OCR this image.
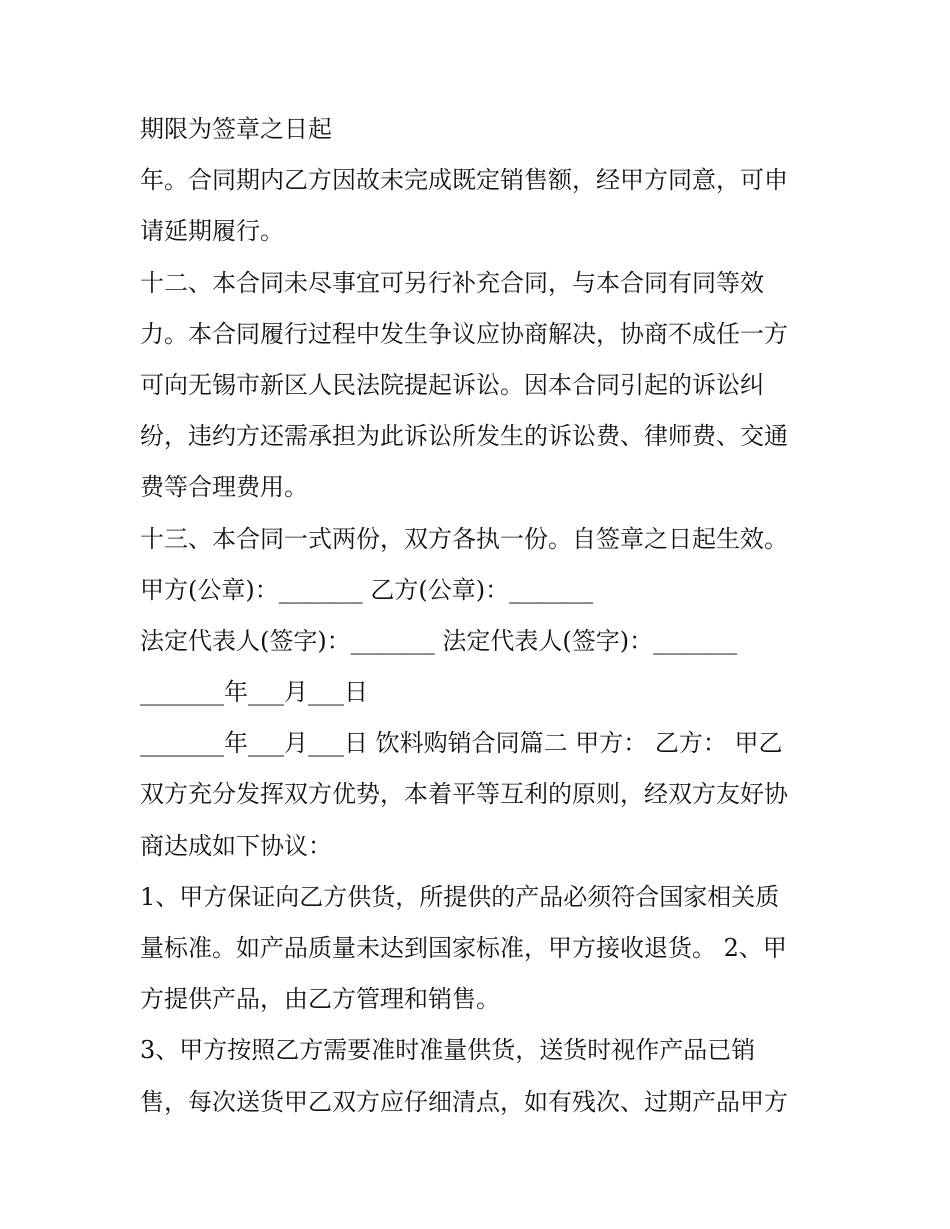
期限为签章之日起
年。合同期内乙方因故未完成既定销售额，经甲方同意，可申
请延期履行。
十二、本合同未尽事宜可另行补充合同，与本合同有同等效
力。本合同履行过程中发生争议应协商解决，协商不成任一方
可向无锡市新区人民法院提起诉讼。因本合同引起的诉讼纠
纷，违约方还需承担为此诉讼所发生的诉讼费、律师费、交通
费等合理费用。
十三、本合同一式两份，双方各执一份。自签章之日起生效。
甲方(公章)：_______ 乙方(公章)：_______
法定代表人(签字)：_______ 法定代表人(签字)：_______
_______年___月___日
_______年___月___日 饮料购销合同篇二 甲方： 乙方： 甲乙
双方充分发挥双方优势，本着平等互利的原则，经双方友好协
商达成如下协议：
1、甲方保证向乙方供货，所提供的产品必须符合国家相关质
量标准。如产品质量未达到国家标准，甲方接收退货。 2、甲
方提供产品，由乙方管理和销售。
3、甲方按照乙方需要准时准量供货，送货时视作产品已销
售，每次送货甲乙双方应仔细清点，如有残次、过期产品甲方
